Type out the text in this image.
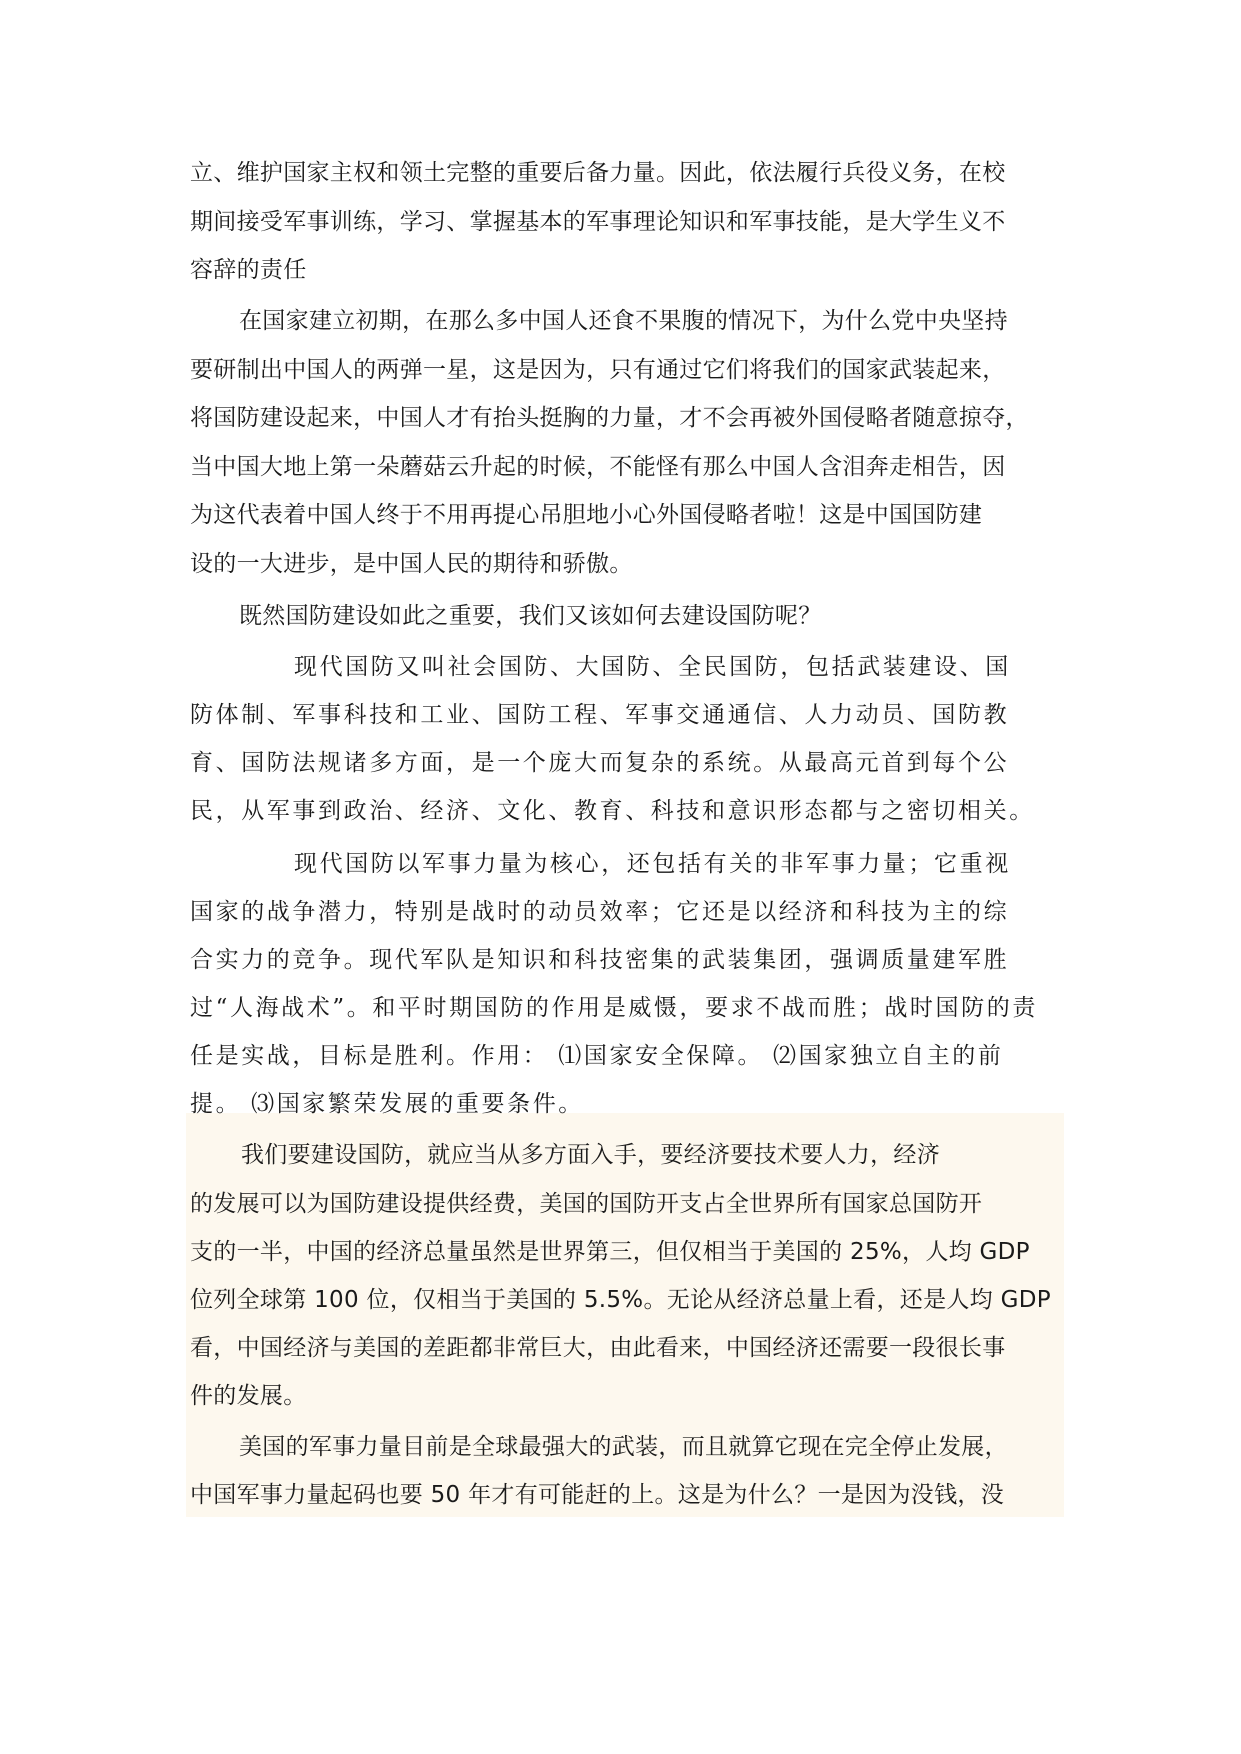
立、维护国家主权和领土完整的重要后备力量。因此，依法履行兵役义务，在校
期间接受军事训练，学习、掌握基本的军事理论知识和军事技能，是大学生义不
容辞的责任
在国家建立初期，在那么多中国人还食不果腹的情况下，为什么党中央坚持
要研制出中国人的两弹一星，这是因为，只有通过它们将我们的国家武装起来，
将国防建设起来，中国人才有抬头挺胸的力量，才不会再被外国侵略者随意掠夺，
当中国大地上第一朵蘑菇云升起的时候，不能怪有那么中国人含泪奔走相告，因
为这代表着中国人终于不用再提心吊胆地小心外国侵略者啦！这是中国国防建
设的一大进步，是中国人民的期待和骄傲。
既然国防建设如此之重要，我们又该如何去建设国防呢？
现代国防又叫社会国防、大国防、全民国防，包括武装建设、国
防体制、军事科技和工业、国防工程、军事交通通信、人力动员、国防教
育、国防法规诸多方面，是一个庞大而复杂的系统。从最高元首到每个公
民，从军事到政治、经济、文化、教育、科技和意识形态都与之密切相关。
现代国防以军事力量为核心，还包括有关的非军事力量；它重视
国家的战争潜力，特别是战时的动员效率；它还是以经济和科技为主的综
合实力的竞争。现代军队是知识和科技密集的武装集团，强调质量建军胜
过“人海战术”。和平时期国防的作用是威慑，要求不战而胜；战时国防的责
任是实战，目标是胜利。作用： ⑴国家安全保障。 ⑵国家独立自主的前
提。 ⑶国家繁荣发展的重要条件。
我们要建设国防，就应当从多方面入手，要经济要技术要人力，经济
的发展可以为国防建设提供经费，美国的国防开支占全世界所有国家总国防开
支的一半，中国的经济总量虽然是世界第三，但仅相当于美国的 25%，人均 GDP
位列全球第 100 位，仅相当于美国的 5.5%。无论从经济总量上看，还是人均 GDP
看，中国经济与美国的差距都非常巨大，由此看来，中国经济还需要一段很长事
件的发展。
美国的军事力量目前是全球最强大的武装，而且就算它现在完全停止发展，
中国军事力量起码也要 50 年才有可能赶的上。这是为什么？一是因为没钱，没
